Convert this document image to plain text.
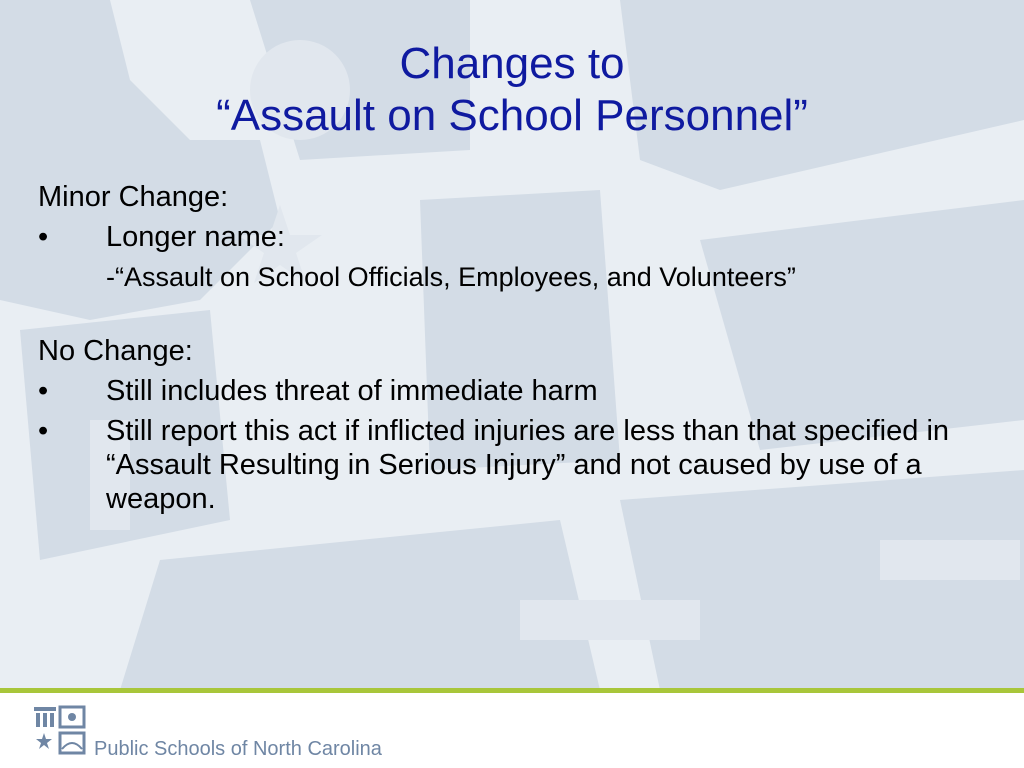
Changes to
“Assault on School Personnel”
Minor Change:
• Longer name:
-“Assault on School Officials, Employees, and Volunteers”
No Change:
• Still includes threat of immediate harm
• Still report this act if inflicted injuries are less than that specified in “Assault Resulting in Serious Injury” and not caused by use of a weapon.
Public Schools of North Carolina
